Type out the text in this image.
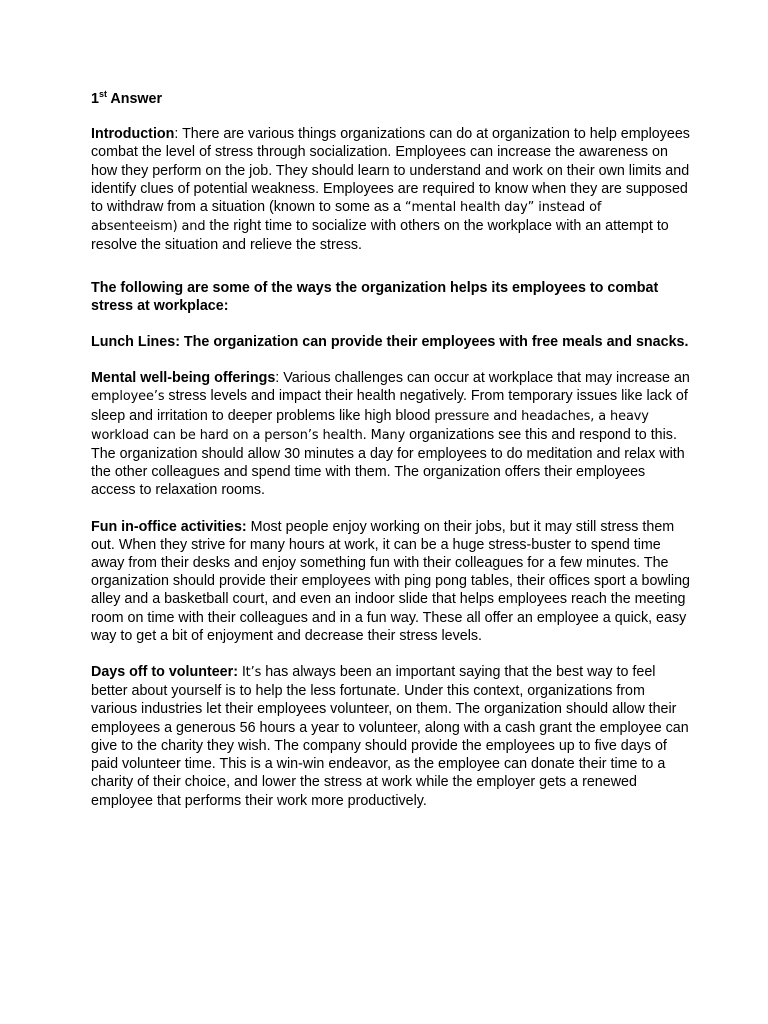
1st Answer

Introduction: There are various things organizations can do at organization to help employees combat the level of stress through socialization. Employees can increase the awareness on how they perform on the job. They should learn to understand and work on their own limits and identify clues of potential weakness. Employees are required to know when they are supposed to withdraw from a situation (known to some as a “mental health day” instead of absenteeism) and the right time to socialize with others on the workplace with an attempt to resolve the situation and relieve the stress.

The following are some of the ways the organization helps its employees to combat stress at workplace:

Lunch Lines: The organization can provide their employees with free meals and snacks.

Mental well-being offerings: Various challenges can occur at workplace that may increase an employee’s stress levels and impact their health negatively. From temporary issues like lack of sleep and irritation to deeper problems like high blood pressure and headaches, a heavy workload can be hard on a person’s health. Many organizations see this and respond to this. The organization should allow 30 minutes a day for employees to do meditation and relax with the other colleagues and spend time with them. The organization offers their employees access to relaxation rooms.

Fun in-office activities: Most people enjoy working on their jobs, but it may still stress them out. When they strive for many hours at work, it can be a huge stress-buster to spend time away from their desks and enjoy something fun with their colleagues for a few minutes. The organization should provide their employees with ping pong tables, their offices sport a bowling alley and a basketball court, and even an indoor slide that helps employees reach the meeting room on time with their colleagues and in a fun way. These all offer an employee a quick, easy way to get a bit of enjoyment and decrease their stress levels.

Days off to volunteer: It’s has always been an important saying that the best way to feel better about yourself is to help the less fortunate. Under this context, organizations from various industries let their employees volunteer, on them. The organization should allow their employees a generous 56 hours a year to volunteer, along with a cash grant the employee can give to the charity they wish. The company should provide the employees up to five days of paid volunteer time. This is a win-win endeavor, as the employee can donate their time to a charity of their choice, and lower the stress at work while the employer gets a renewed employee that performs their work more productively.
